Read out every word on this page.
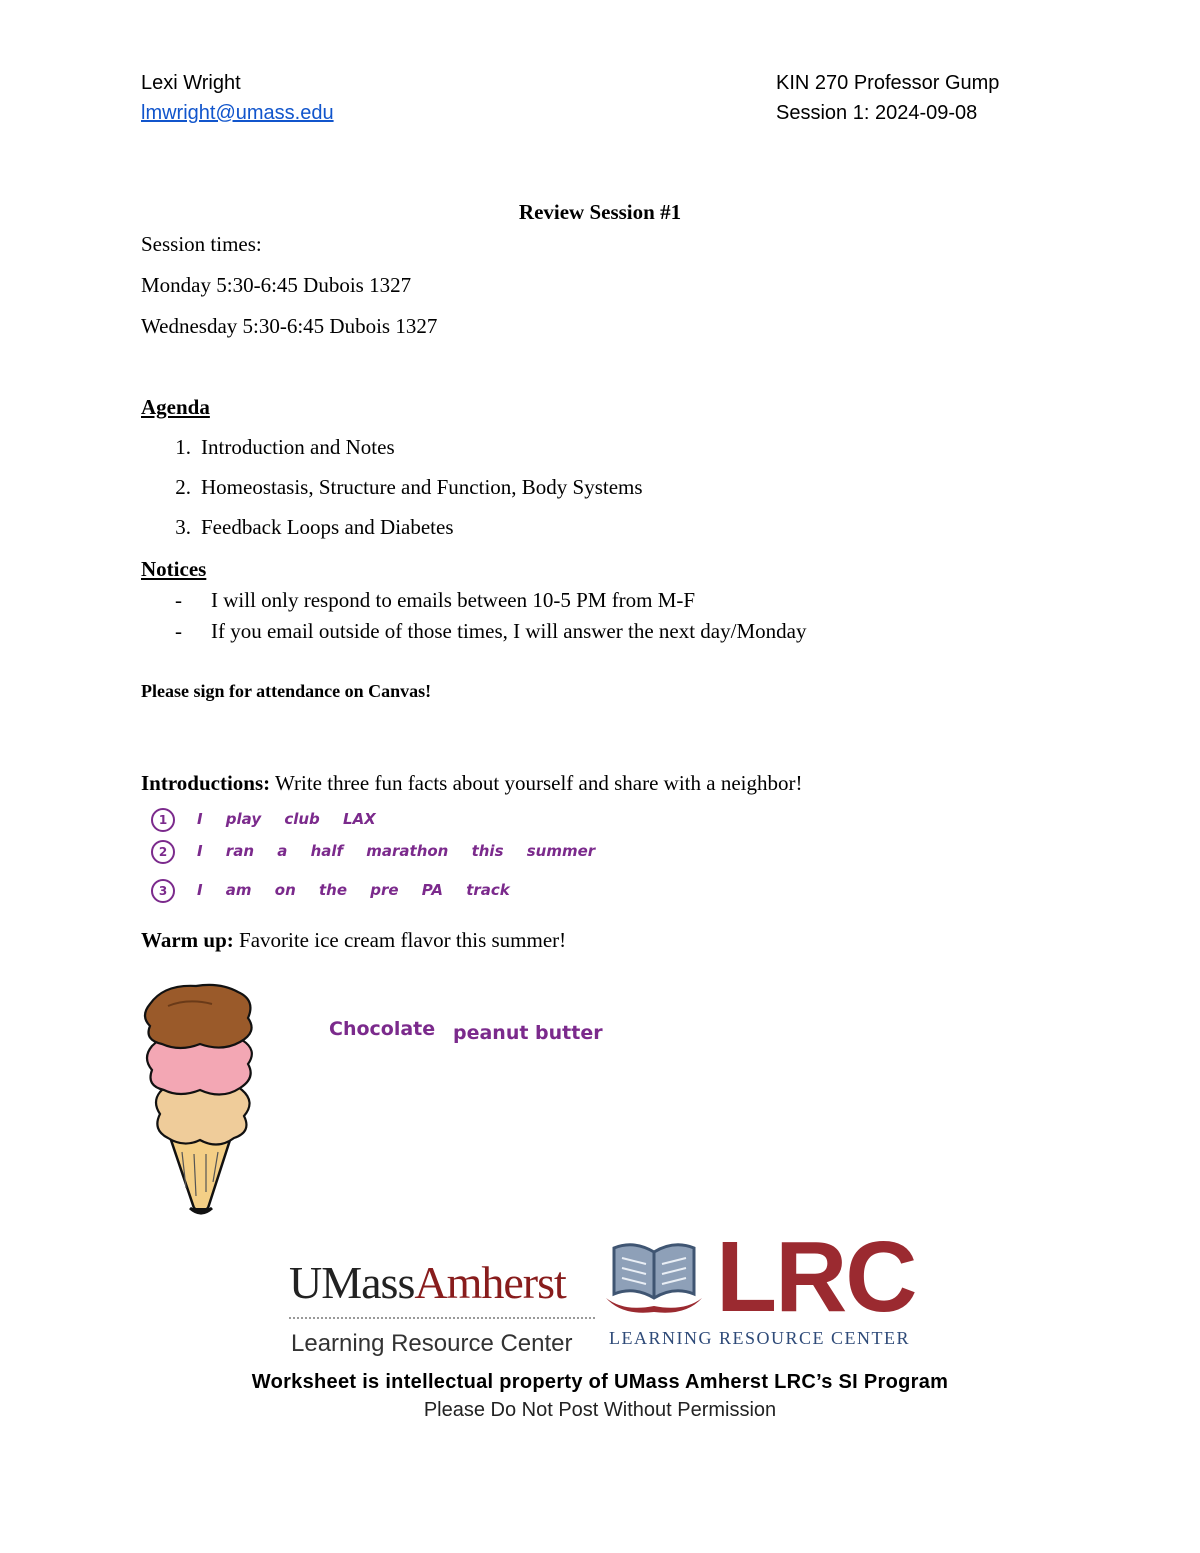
Lexi Wright
lmwright@umass.edu
KIN 270 Professor Gump
Session 1: 2024-09-08
Review Session #1
Session times:
Monday 5:30-6:45 Dubois 1327
Wednesday 5:30-6:45 Dubois 1327
Agenda
1. Introduction and Notes
2. Homeostasis, Structure and Function, Body Systems
3. Feedback Loops and Diabetes
Notices
- I will only respond to emails between 10-5 PM from M-F
- If you email outside of those times, I will answer the next day/Monday
Please sign for attendance on Canvas!
Introductions: Write three fun facts about yourself and share with a neighbor!
1 I play club LAX
2 I ran a half marathon this summer
3 I am on the pre PA track
Warm up: Favorite ice cream flavor this summer!
Chocolate peanut butter
UMassAmherst
Learning Resource Center
LRC
LEARNING RESOURCE CENTER
Worksheet is intellectual property of UMass Amherst LRC’s SI Program
Please Do Not Post Without Permission
